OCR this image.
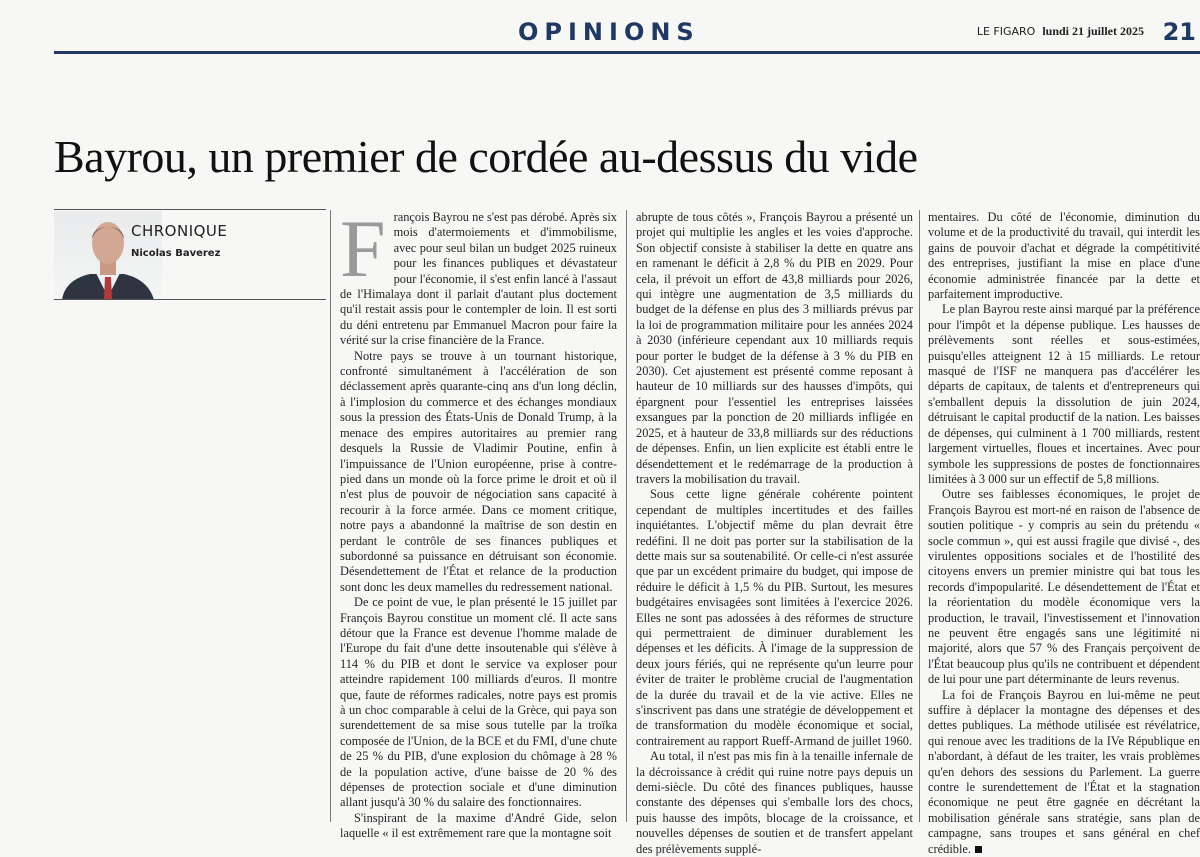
OPINIONS	LE FIGARO lundi 21 juillet 2025 21
Bayrou, un premier de cordée au-dessus du vide
CHRONIQUE
Nicolas Baverez François Bayrou ne s'est pas dérobé. Après six mois d'atermoiements et d'immobilisme, avec pour seul bilan un budget 2025 ruineux pour les finances publiques et dévastateur pour l'économie, il s'est enfin lancé à l'assaut de l'Himalaya dont il parlait d'autant plus doctement qu'il restait assis pour le contempler de loin. Il est sorti du déni entretenu par Emmanuel Macron pour faire la vérité sur la crise financière de la France.

Notre pays se trouve à un tournant historique, confronté simultanément à l'accélération de son déclassement après quarante-cinq ans d'un long déclin, à l'implosion du commerce et des échanges mondiaux sous la pression des États-Unis de Donald Trump, à la menace des empires autoritaires au premier rang desquels la Russie de Vladimir Poutine, enfin à l'impuissance de l'Union européenne, prise à contre-pied dans un monde où la force prime le droit et où il n'est plus de pouvoir de négociation sans capacité à recourir à la force armée. Dans ce moment critique, notre pays a abandonné la maîtrise de son destin en perdant le contrôle de ses finances publiques et subordonné sa puissance en détruisant son économie. Désendettement de l'État et relance de la production sont donc les deux mamelles du redressement national.

De ce point de vue, le plan présenté le 15 juillet par François Bayrou constitue un moment clé. Il acte sans détour que la France est devenue l'homme malade de l'Europe du fait d'une dette insoutenable qui s'élève à 114 % du PIB et dont le service va exploser pour atteindre rapidement 100 milliards d'euros. Il montre que, faute de réformes radicales, notre pays est promis à un choc comparable à celui de la Grèce, qui paya son surendettement de sa mise sous tutelle par la troïka composée de l'Union, de la BCE et du FMI, d'une chute de 25 % du PIB, d'une explosion du chômage à 28 % de la population active, d'une baisse de 20 % des dépenses de protection sociale et d'une diminution allant jusqu'à 30 % du salaire des fonctionnaires.

S'inspirant de la maxime d'André Gide, selon laquelle « il est extrêmement rare que la montagne soit

abrupte de tous côtés », François Bayrou a présenté un projet qui multiplie les angles et les voies d'approche. Son objectif consiste à stabiliser la dette en quatre ans en ramenant le déficit à 2,8 % du PIB en 2029. Pour cela, il prévoit un effort de 43,8 milliards pour 2026, qui intègre une augmentation de 3,5 milliards du budget de la défense en plus des 3 milliards prévus par la loi de programmation militaire pour les années 2024 à 2030 (inférieure cependant aux 10 milliards requis pour porter le budget de la défense à 3 % du PIB en 2030). Cet ajustement est présenté comme reposant à hauteur de 10 milliards sur des hausses d'impôts, qui épargnent pour l'essentiel les entreprises laissées exsangues par la ponction de 20 milliards infligée en 2025, et à hauteur de 33,8 milliards sur des réductions de dépenses. Enfin, un lien explicite est établi entre le désendettement et le redémarrage de la production à travers la mobilisation du travail.

Sous cette ligne générale cohérente pointent cependant de multiples incertitudes et des failles inquiétantes. L'objectif même du plan devrait être redéfini. Il ne doit pas porter sur la stabilisation de la dette mais sur sa soutenabilité. Or celle-ci n'est assurée que par un excédent primaire du budget, qui impose de réduire le déficit à 1,5 % du PIB. Surtout, les mesures budgétaires envisagées sont limitées à l'exercice 2026. Elles ne sont pas adossées à des réformes de structure qui permettraient de diminuer durablement les dépenses et les déficits. À l'image de la suppression de deux jours fériés, qui ne représente qu'un leurre pour éviter de traiter le problème crucial de l'augmentation de la durée du travail et de la vie active. Elles ne s'inscrivent pas dans une stratégie de développement et de transformation du modèle économique et social, contrairement au rapport Rueff-Armand de juillet 1960.

Au total, il n'est pas mis fin à la tenaille infernale de la décroissance à crédit qui ruine notre pays depuis un demi-siècle. Du côté des finances publiques, hausse constante des dépenses qui s'emballe lors des chocs, puis hausse des impôts, blocage de la croissance, et nouvelles dépenses de soutien et de transfert appelant des prélèvements supplé-

mentaires. Du côté de l'économie, diminution du volume et de la productivité du travail, qui interdit les gains de pouvoir d'achat et dégrade la compétitivité des entreprises, justifiant la mise en place d'une économie administrée financée par la dette et parfaitement improductive.

Le plan Bayrou reste ainsi marqué par la préférence pour l'impôt et la dépense publique. Les hausses de prélèvements sont réelles et sous-estimées, puisqu'elles atteignent 12 à 15 milliards. Le retour masqué de l'ISF ne manquera pas d'accélérer les départs de capitaux, de talents et d'entrepreneurs qui s'emballent depuis la dissolution de juin 2024, détruisant le capital productif de la nation. Les baisses de dépenses, qui culminent à 1 700 milliards, restent largement virtuelles, floues et incertaines. Avec pour symbole les suppressions de postes de fonctionnaires limitées à 3 000 sur un effectif de 5,8 millions.

Outre ses faiblesses économiques, le projet de François Bayrou est mort-né en raison de l'absence de soutien politique - y compris au sein du prétendu « socle commun », qui est aussi fragile que divisé -, des virulentes oppositions sociales et de l'hostilité des citoyens envers un premier ministre qui bat tous les records d'impopularité. Le désendettement de l'État et la réorientation du modèle économique vers la production, le travail, l'investissement et l'innovation ne peuvent être engagés sans une légitimité ni majorité, alors que 57 % des Français perçoivent de l'État beaucoup plus qu'ils ne contribuent et dépendent de lui pour une part déterminante de leurs revenus.

La foi de François Bayrou en lui-même ne peut suffire à déplacer la montagne des dépenses et des dettes publiques. La méthode utilisée est révélatrice, qui renoue avec les traditions de la IVe République en n'abordant, à défaut de les traiter, les vrais problèmes qu'en dehors des sessions du Parlement. La guerre contre le surendettement de l'État et la stagnation économique ne peut être gagnée en décrétant la mobilisation générale sans stratégie, sans plan de campagne, sans troupes et sans général en chef crédible.
